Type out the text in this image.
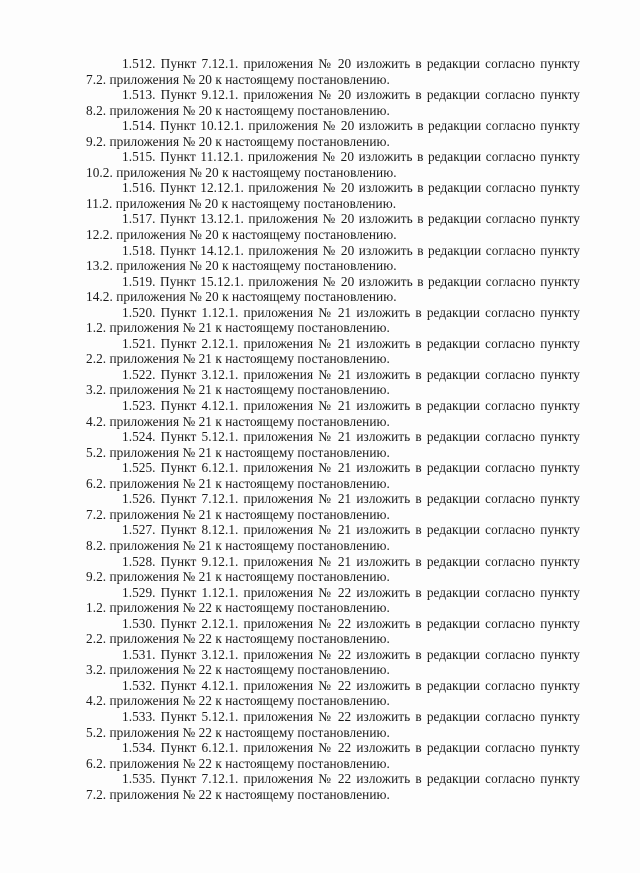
1.512. Пункт 7.12.1. приложения № 20 изложить в редакции согласно пункту 7.2. приложения № 20 к настоящему постановлению.

1.513. Пункт 9.12.1. приложения № 20 изложить в редакции согласно пункту 8.2. приложения № 20 к настоящему постановлению.

1.514. Пункт 10.12.1. приложения № 20 изложить в редакции согласно пункту 9.2. приложения № 20 к настоящему постановлению.

1.515. Пункт 11.12.1. приложения № 20 изложить в редакции согласно пункту 10.2. приложения № 20 к настоящему постановлению.

1.516. Пункт 12.12.1. приложения № 20 изложить в редакции согласно пункту 11.2. приложения № 20 к настоящему постановлению.

1.517. Пункт 13.12.1. приложения № 20 изложить в редакции согласно пункту 12.2. приложения № 20 к настоящему постановлению.

1.518. Пункт 14.12.1. приложения № 20 изложить в редакции согласно пункту 13.2. приложения № 20 к настоящему постановлению.

1.519. Пункт 15.12.1. приложения № 20 изложить в редакции согласно пункту 14.2. приложения № 20 к настоящему постановлению.

1.520. Пункт 1.12.1. приложения № 21 изложить в редакции согласно пункту 1.2. приложения № 21 к настоящему постановлению.

1.521. Пункт 2.12.1. приложения № 21 изложить в редакции согласно пункту 2.2. приложения № 21 к настоящему постановлению.

1.522. Пункт 3.12.1. приложения № 21 изложить в редакции согласно пункту 3.2. приложения № 21 к настоящему постановлению.

1.523. Пункт 4.12.1. приложения № 21 изложить в редакции согласно пункту 4.2. приложения № 21 к настоящему постановлению.

1.524. Пункт 5.12.1. приложения № 21 изложить в редакции согласно пункту 5.2. приложения № 21 к настоящему постановлению.

1.525. Пункт 6.12.1. приложения № 21 изложить в редакции согласно пункту 6.2. приложения № 21 к настоящему постановлению.

1.526. Пункт 7.12.1. приложения № 21 изложить в редакции согласно пункту 7.2. приложения № 21 к настоящему постановлению.

1.527. Пункт 8.12.1. приложения № 21 изложить в редакции согласно пункту 8.2. приложения № 21 к настоящему постановлению.

1.528. Пункт 9.12.1. приложения № 21 изложить в редакции согласно пункту 9.2. приложения № 21 к настоящему постановлению.

1.529. Пункт 1.12.1. приложения № 22 изложить в редакции согласно пункту 1.2. приложения № 22 к настоящему постановлению.

1.530. Пункт 2.12.1. приложения № 22 изложить в редакции согласно пункту 2.2. приложения № 22 к настоящему постановлению.

1.531. Пункт 3.12.1. приложения № 22 изложить в редакции согласно пункту 3.2. приложения № 22 к настоящему постановлению.

1.532. Пункт 4.12.1. приложения № 22 изложить в редакции согласно пункту 4.2. приложения № 22 к настоящему постановлению.

1.533. Пункт 5.12.1. приложения № 22 изложить в редакции согласно пункту 5.2. приложения № 22 к настоящему постановлению.

1.534. Пункт 6.12.1. приложения № 22 изложить в редакции согласно пункту 6.2. приложения № 22 к настоящему постановлению.

1.535. Пункт 7.12.1. приложения № 22 изложить в редакции согласно пункту 7.2. приложения № 22 к настоящему постановлению.
